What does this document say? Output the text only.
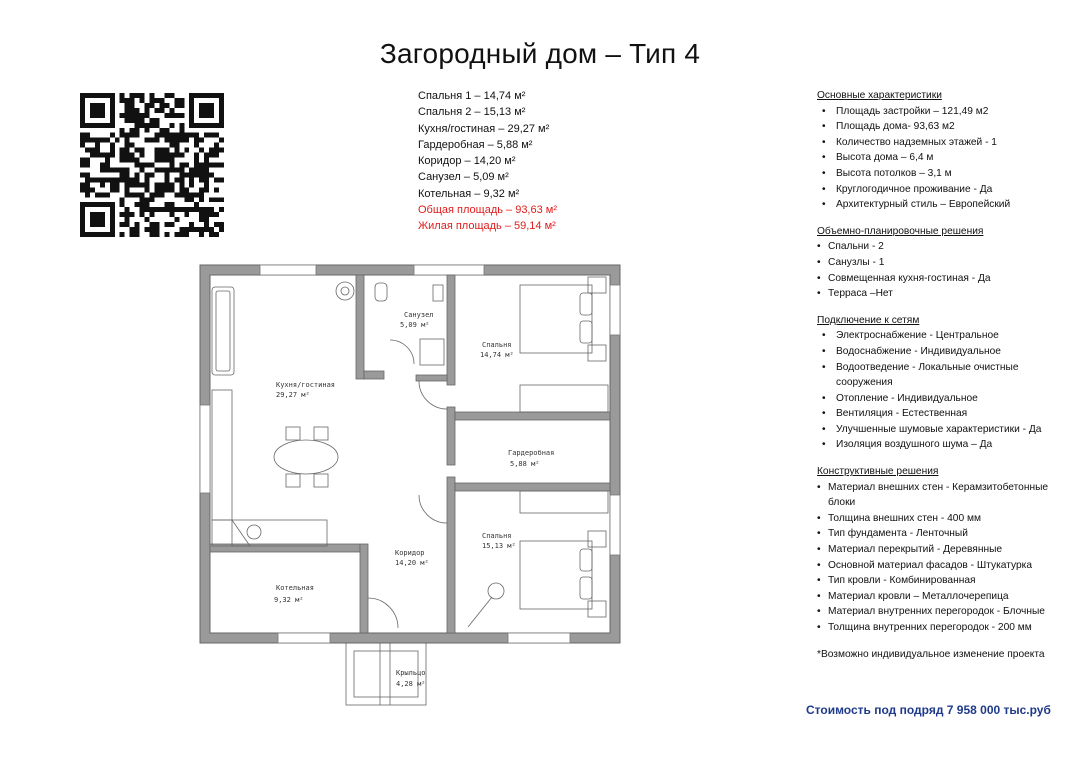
Загородный дом – Тип 4
Спальня 1 – 14,74 м²
Спальня 2 – 15,13 м²
Кухня/гостиная – 29,27 м²
Гардеробная – 5,88 м²
Коридор – 14,20 м²
Санузел – 5,09 м²
Котельная – 9,32 м²
Общая площадь – 93,63 м²
Жилая площадь – 59,14 м²
Санузел
5,09 м²
Спальня
14,74 м²
Кухня/гостиная
29,27 м²
Гардеробная
5,88 м²
Коридор
14,20 м²
Спальня
15,13 м²
Котельная
9,32 м²
Крыльцо
4,28 м²
Основные характеристики
• Площадь застройки – 121,49 м2
• Площадь дома- 93,63 м2
• Количество надземных этажей - 1
• Высота дома – 6,4 м
• Высота потолков – 3,1 м
• Круглогодичное проживание - Да
• Архитектурный стиль – Европейский
Объемно-планировочные решения
• Спальни - 2
• Санузлы - 1
• Совмещенная кухня-гостиная - Да
• Терраса –Нет
Подключение к сетям
• Электроснабжение - Центральное
• Водоснабжение - Индивидуальное
• Водоотведение - Локальные очистные сооружения
• Отопление - Индивидуальное
• Вентиляция - Естественная
• Улучшенные шумовые характеристики - Да
• Изоляция воздушного шума – Да
Конструктивные решения
• Материал внешних стен - Керамзитобетонные блоки
• Толщина внешних стен - 400 мм
• Тип фундамента - Ленточный
• Материал перекрытий - Деревянные
• Основной материал фасадов - Штукатурка
• Тип кровли - Комбинированная
• Материал кровли – Металлочерепица
• Материал внутренних перегородок - Блочные
• Толщина внутренних перегородок - 200 мм
*Возможно индивидуальное изменение проекта
Стоимость под подряд 7 958 000 тыс.руб
